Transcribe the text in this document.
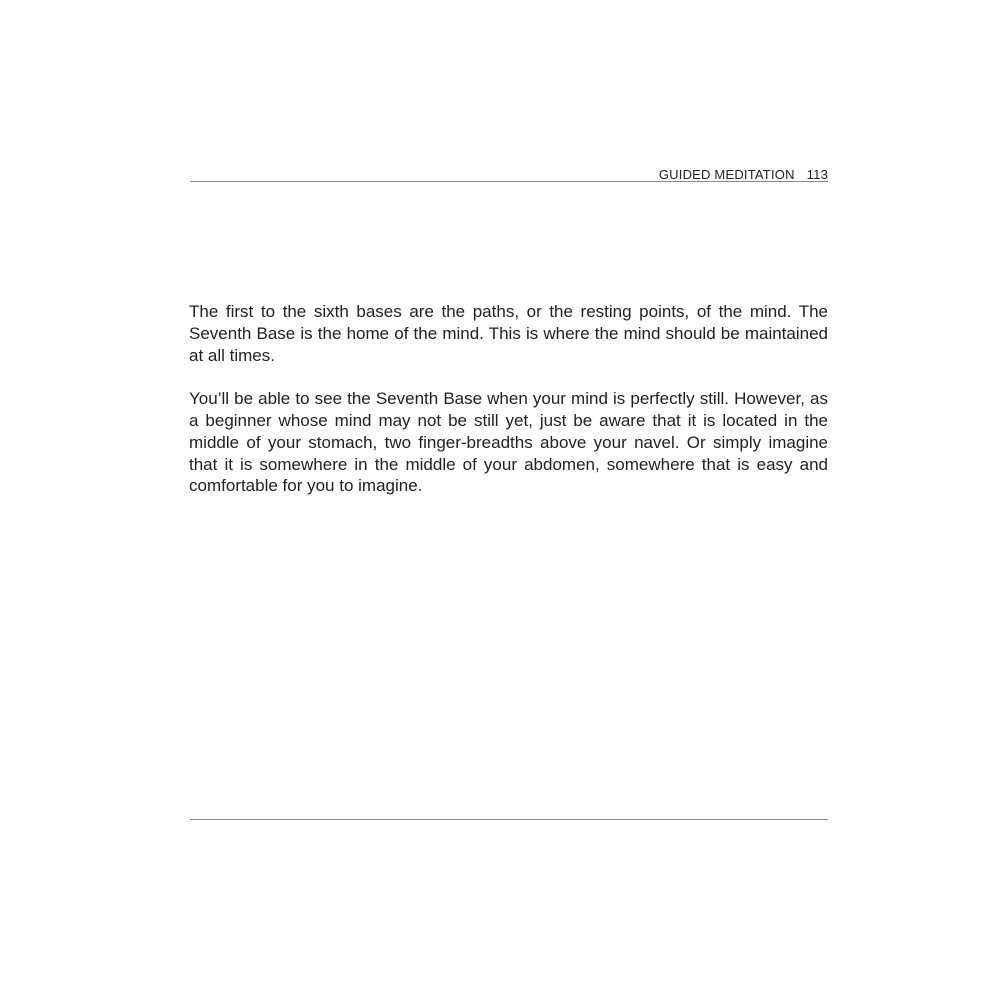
GUIDED MEDITATION 113

The first to the sixth bases are the paths, or the resting points, of the mind. The Seventh Base is the home of the mind. This is where the mind should be maintained at all times.

You’ll be able to see the Seventh Base when your mind is perfectly still. However, as a beginner whose mind may not be still yet, just be aware that it is located in the middle of your stomach, two finger-breadths above your navel. Or simply imagine that it is somewhere in the middle of your abdomen, somewhere that is easy and comfortable for you to imagine.
